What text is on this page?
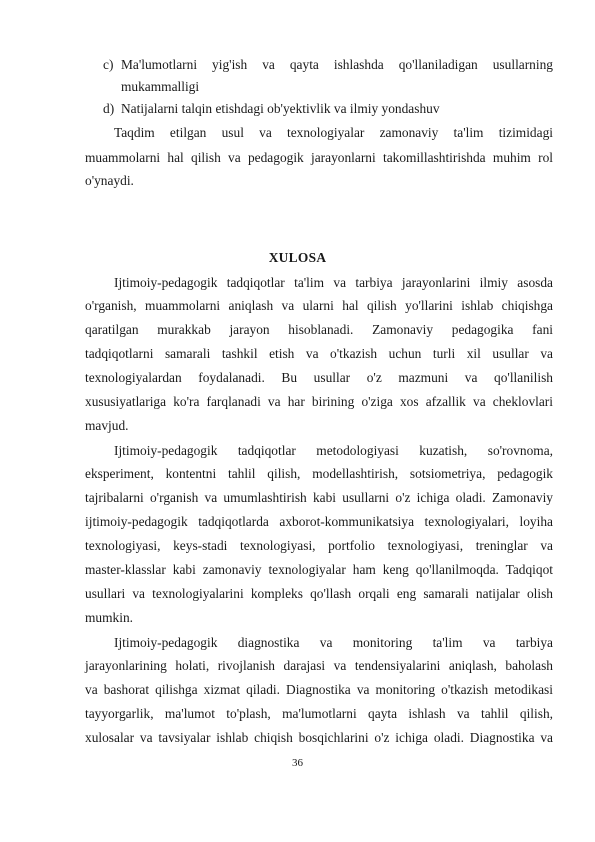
c) Ma'lumotlarni yig'ish va qayta ishlashda qo'llaniladigan usullarning
mukammalligi
d) Natijalarni talqin etishdagi ob'yektivlik va ilmiy yondashuv
Taqdim etilgan usul va texnologiyalar zamonaviy ta'lim tizimidagi
muammolarni hal qilish va pedagogik jarayonlarni takomillashtirishda muhim rol
o'ynaydi.
XULOSA
Ijtimoiy-pedagogik tadqiqotlar ta'lim va tarbiya jarayonlarini ilmiy asosda
o'rganish, muammolarni aniqlash va ularni hal qilish yo'llarini ishlab chiqishga
qaratilgan murakkab jarayon hisoblanadi. Zamonaviy pedagogika fani
tadqiqotlarni samarali tashkil etish va o'tkazish uchun turli xil usullar va
texnologiyalardan foydalanadi. Bu usullar o'z mazmuni va qo'llanilish
xususiyatlariga ko'ra farqlanadi va har birining o'ziga xos afzallik va cheklovlari
mavjud.
Ijtimoiy-pedagogik tadqiqotlar metodologiyasi kuzatish, so'rovnoma,
eksperiment, kontentni tahlil qilish, modellashtirish, sotsiometriya, pedagogik
tajribalarni o'rganish va umumlashtirish kabi usullarni o'z ichiga oladi. Zamonaviy
ijtimoiy-pedagogik tadqiqotlarda axborot-kommunikatsiya texnologiyalari, loyiha
texnologiyasi, keys-stadi texnologiyasi, portfolio texnologiyasi, treninglar va
master-klasslar kabi zamonaviy texnologiyalar ham keng qo'llanilmoqda. Tadqiqot
usullari va texnologiyalarini kompleks qo'llash orqali eng samarali natijalar olish
mumkin.
Ijtimoiy-pedagogik diagnostika va monitoring ta'lim va tarbiya
jarayonlarining holati, rivojlanish darajasi va tendensiyalarini aniqlash, baholash
va bashorat qilishga xizmat qiladi. Diagnostika va monitoring o'tkazish metodikasi
tayyorgarlik, ma'lumot to'plash, ma'lumotlarni qayta ishlash va tahlil qilish,
xulosalar va tavsiyalar ishlab chiqish bosqichlarini o'z ichiga oladi. Diagnostika va
36
